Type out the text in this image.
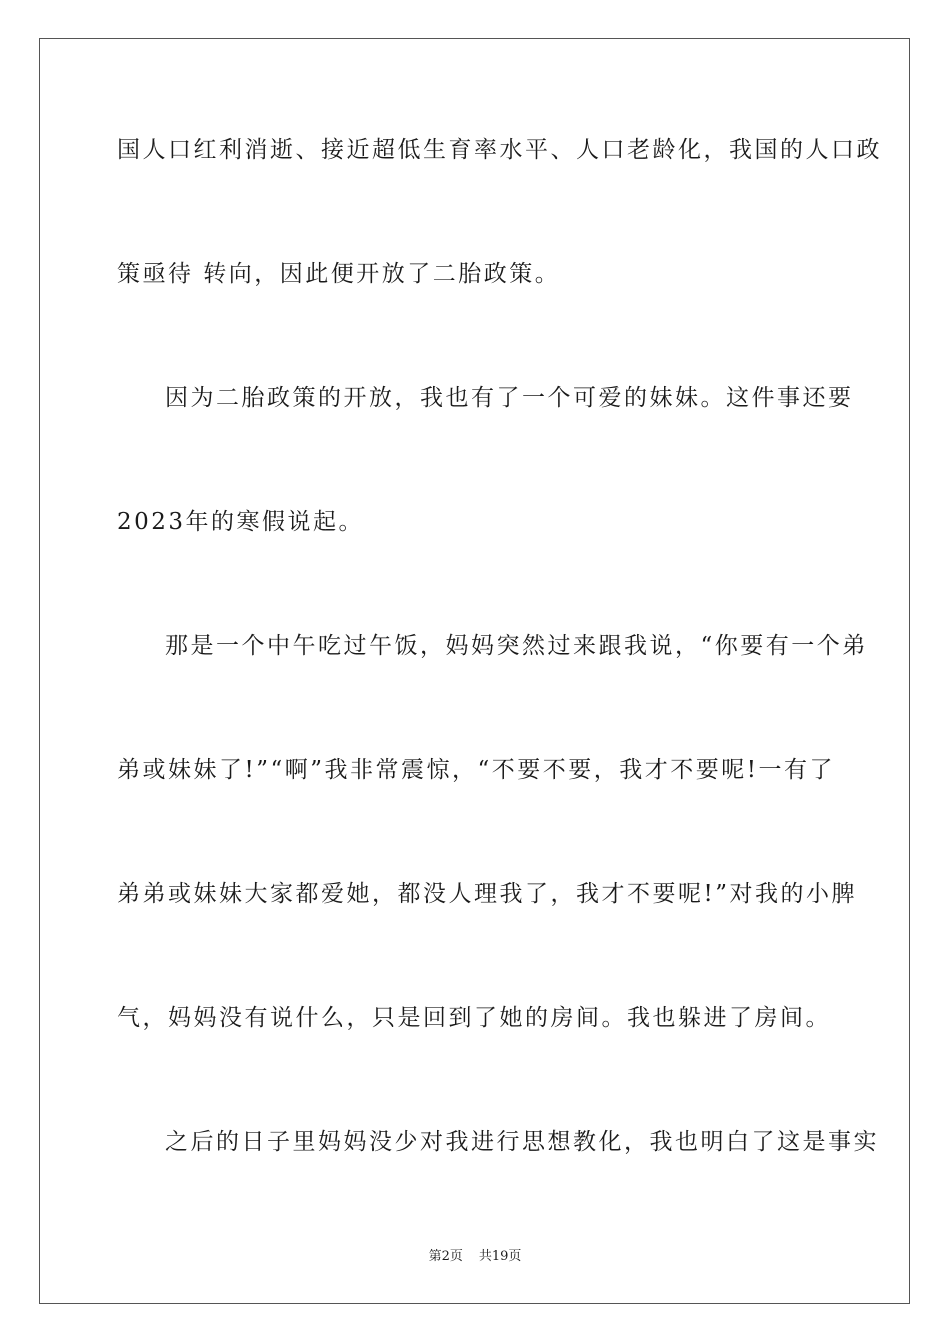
国人口红利消逝、接近超低生育率水平、人口老龄化，我国的人口政
策亟待 转向，因此便开放了二胎政策。
因为二胎政策的开放，我也有了一个可爱的妹妹。这件事还要
2023年的寒假说起。
那是一个中午吃过午饭，妈妈突然过来跟我说，“你要有一个弟
弟或妹妹了!”“啊”我非常震惊，“不要不要，我才不要呢!一有了
弟弟或妹妹大家都爱她，都没人理我了，我才不要呢!”对我的小脾
气，妈妈没有说什么，只是回到了她的房间。我也躲进了房间。
之后的日子里妈妈没少对我进行思想教化，我也明白了这是事实
第2页 共19页
